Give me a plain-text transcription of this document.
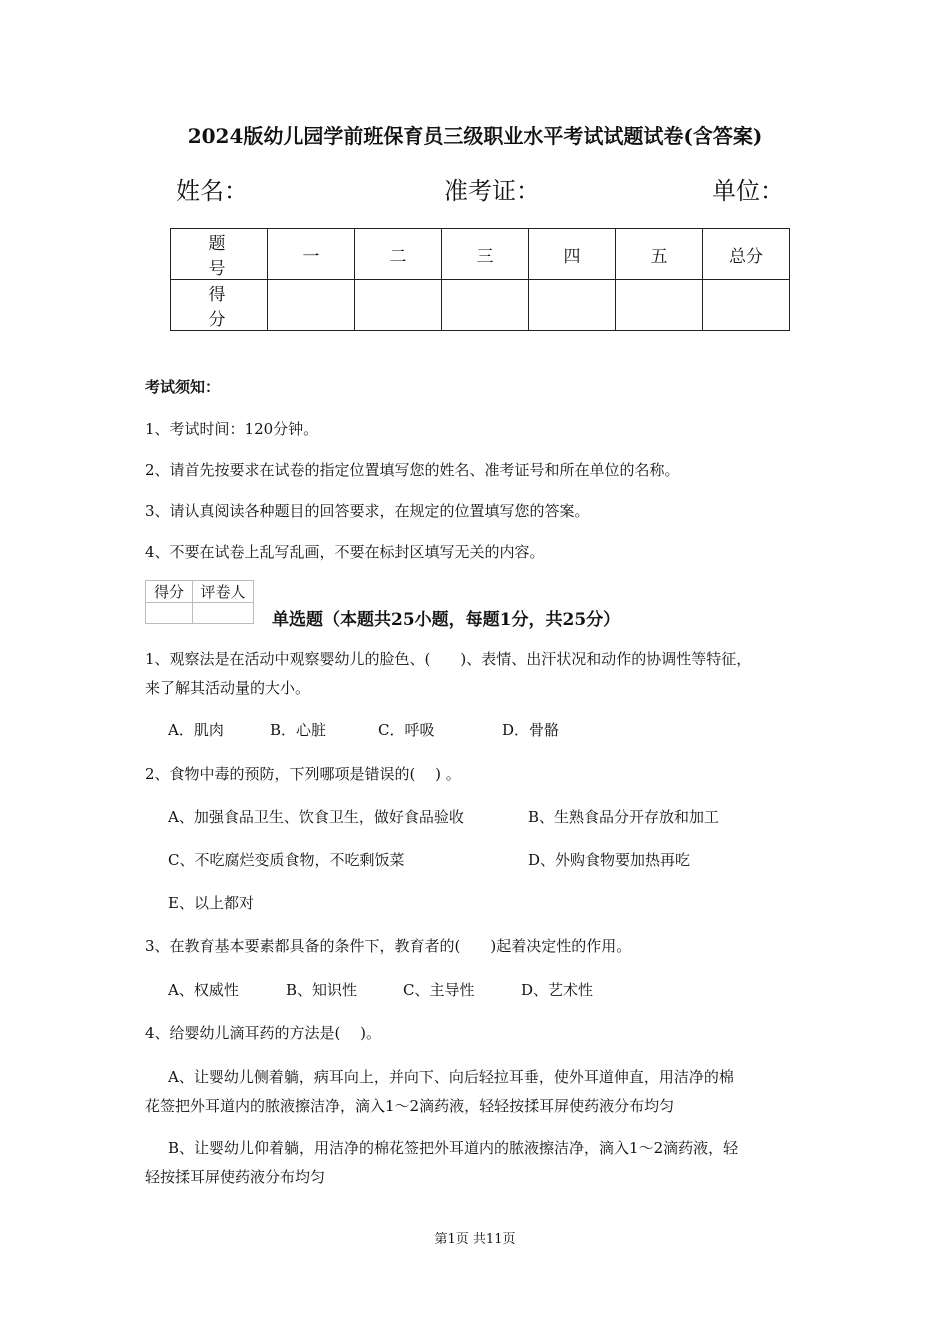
2024版幼儿园学前班保育员三级职业水平考试试题试卷(含答案)
姓名：	准考证：	单位：
题　号	一	二	三	四	五	总分
得　分						
考试须知：
1、考试时间：120分钟。
2、请首先按要求在试卷的指定位置填写您的姓名、准考证号和所在单位的名称。
3、请认真阅读各种题目的回答要求，在规定的位置填写您的答案。
4、不要在试卷上乱写乱画，不要在标封区填写无关的内容。
得分	评卷人

单选题（本题共25小题，每题1分，共25分）
1、观察法是在活动中观察婴幼儿的脸色、(　　)、表情、出汗状况和动作的协调性等特征，
来了解其活动量的大小。
A．肌肉	B．心脏	C．呼吸	D．骨骼
2、食物中毒的预防，下列哪项是错误的(　 ) 。
A、加强食品卫生、饮食卫生，做好食品验收	B、生熟食品分开存放和加工
C、不吃腐烂变质食物，不吃剩饭菜	D、外购食物要加热再吃
E、以上都对
3、在教育基本要素都具备的条件下，教育者的(　　)起着决定性的作用。
A、权威性	B、知识性	C、主导性	D、艺术性
4、给婴幼儿滴耳药的方法是(　 )。
A、让婴幼儿侧着躺，病耳向上，并向下、向后轻拉耳垂，使外耳道伸直，用洁净的棉
花签把外耳道内的脓液擦洁净，滴入1～2滴药液，轻轻按揉耳屏使药液分布均匀
B、让婴幼儿仰着躺，用洁净的棉花签把外耳道内的脓液擦洁净，滴入1～2滴药液，轻
轻按揉耳屏使药液分布均匀
第1页 共11页
